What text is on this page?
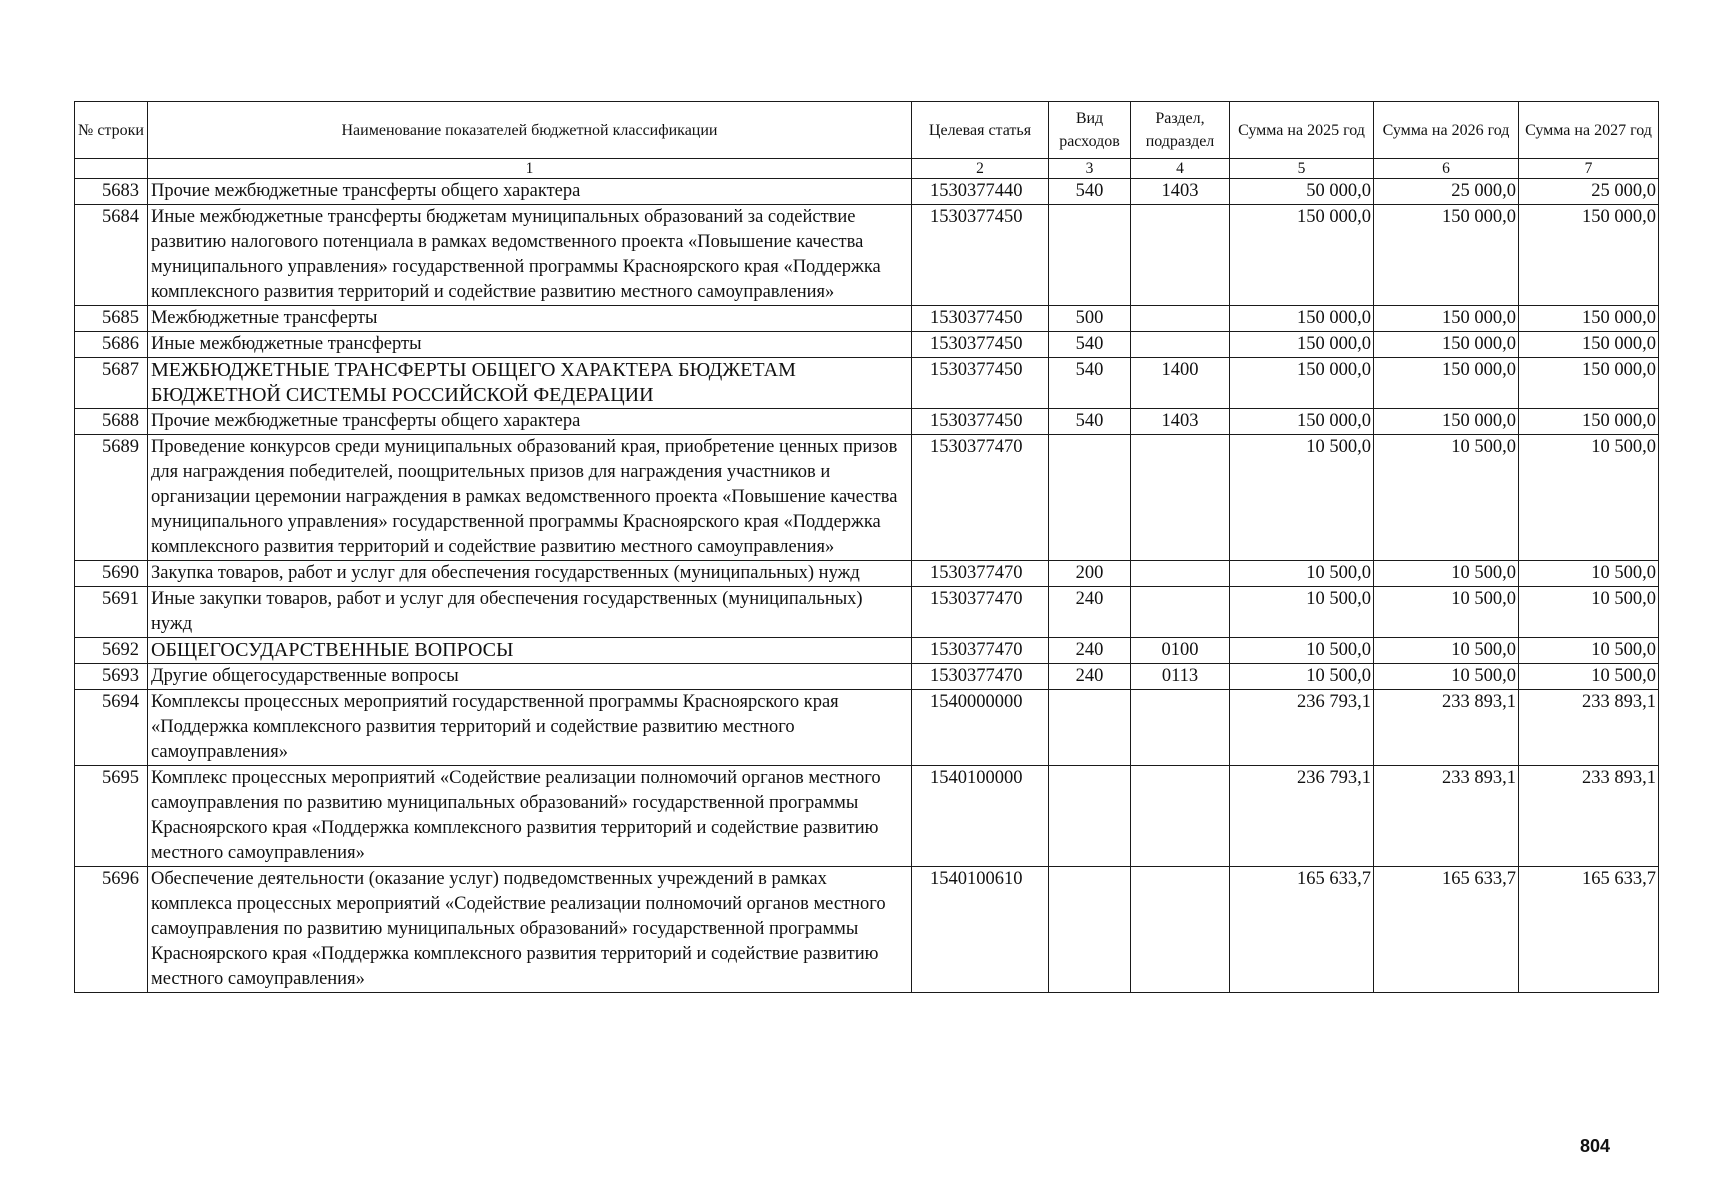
№ строки	Наименование показателей бюджетной классификации	Целевая статья	Вид расходов	Раздел, подраздел	Сумма на 2025 год	Сумма на 2026 год	Сумма на 2027 год
	1	2	3	4	5	6	7
5683	Прочие межбюджетные трансферты общего характера	1530377440	540	1403	50 000,0	25 000,0	25 000,0
5684	Иные межбюджетные трансферты бюджетам муниципальных образований за содействие развитию налогового потенциала в рамках ведомственного проекта «Повышение качества муниципального управления» государственной программы Красноярского края «Поддержка комплексного развития территорий и содействие развитию местного самоуправления»	1530377450			150 000,0	150 000,0	150 000,0
5685	Межбюджетные трансферты	1530377450	500		150 000,0	150 000,0	150 000,0
5686	Иные межбюджетные трансферты	1530377450	540		150 000,0	150 000,0	150 000,0
5687	МЕЖБЮДЖЕТНЫЕ ТРАНСФЕРТЫ ОБЩЕГО ХАРАКТЕРА БЮДЖЕТАМ БЮДЖЕТНОЙ СИСТЕМЫ РОССИЙСКОЙ ФЕДЕРАЦИИ	1530377450	540	1400	150 000,0	150 000,0	150 000,0
5688	Прочие межбюджетные трансферты общего характера	1530377450	540	1403	150 000,0	150 000,0	150 000,0
5689	Проведение конкурсов среди муниципальных образований края, приобретение ценных призов для награждения победителей, поощрительных призов для награждения участников и организации церемонии награждения в рамках ведомственного проекта «Повышение качества муниципального управления» государственной программы Красноярского края «Поддержка комплексного развития территорий и содействие развитию местного самоуправления»	1530377470			10 500,0	10 500,0	10 500,0
5690	Закупка товаров, работ и услуг для обеспечения государственных (муниципальных) нужд	1530377470	200		10 500,0	10 500,0	10 500,0
5691	Иные закупки товаров, работ и услуг для обеспечения государственных (муниципальных) нужд	1530377470	240		10 500,0	10 500,0	10 500,0
5692	ОБЩЕГОСУДАРСТВЕННЫЕ ВОПРОСЫ	1530377470	240	0100	10 500,0	10 500,0	10 500,0
5693	Другие общегосударственные вопросы	1530377470	240	0113	10 500,0	10 500,0	10 500,0
5694	Комплексы процессных мероприятий государственной программы Красноярского края «Поддержка комплексного развития территорий и содействие развитию местного самоуправления»	1540000000			236 793,1	233 893,1	233 893,1
5695	Комплекс процессных мероприятий «Содействие реализации полномочий органов местного самоуправления по развитию муниципальных образований» государственной программы Красноярского края «Поддержка комплексного развития территорий и содействие развитию местного самоуправления»	1540100000			236 793,1	233 893,1	233 893,1
5696	Обеспечение деятельности (оказание услуг) подведомственных учреждений в рамках комплекса процессных мероприятий «Содействие реализации полномочий органов местного самоуправления по развитию муниципальных образований» государственной программы Красноярского края «Поддержка комплексного развития территорий и содействие развитию местного самоуправления»	1540100610			165 633,7	165 633,7	165 633,7
804
